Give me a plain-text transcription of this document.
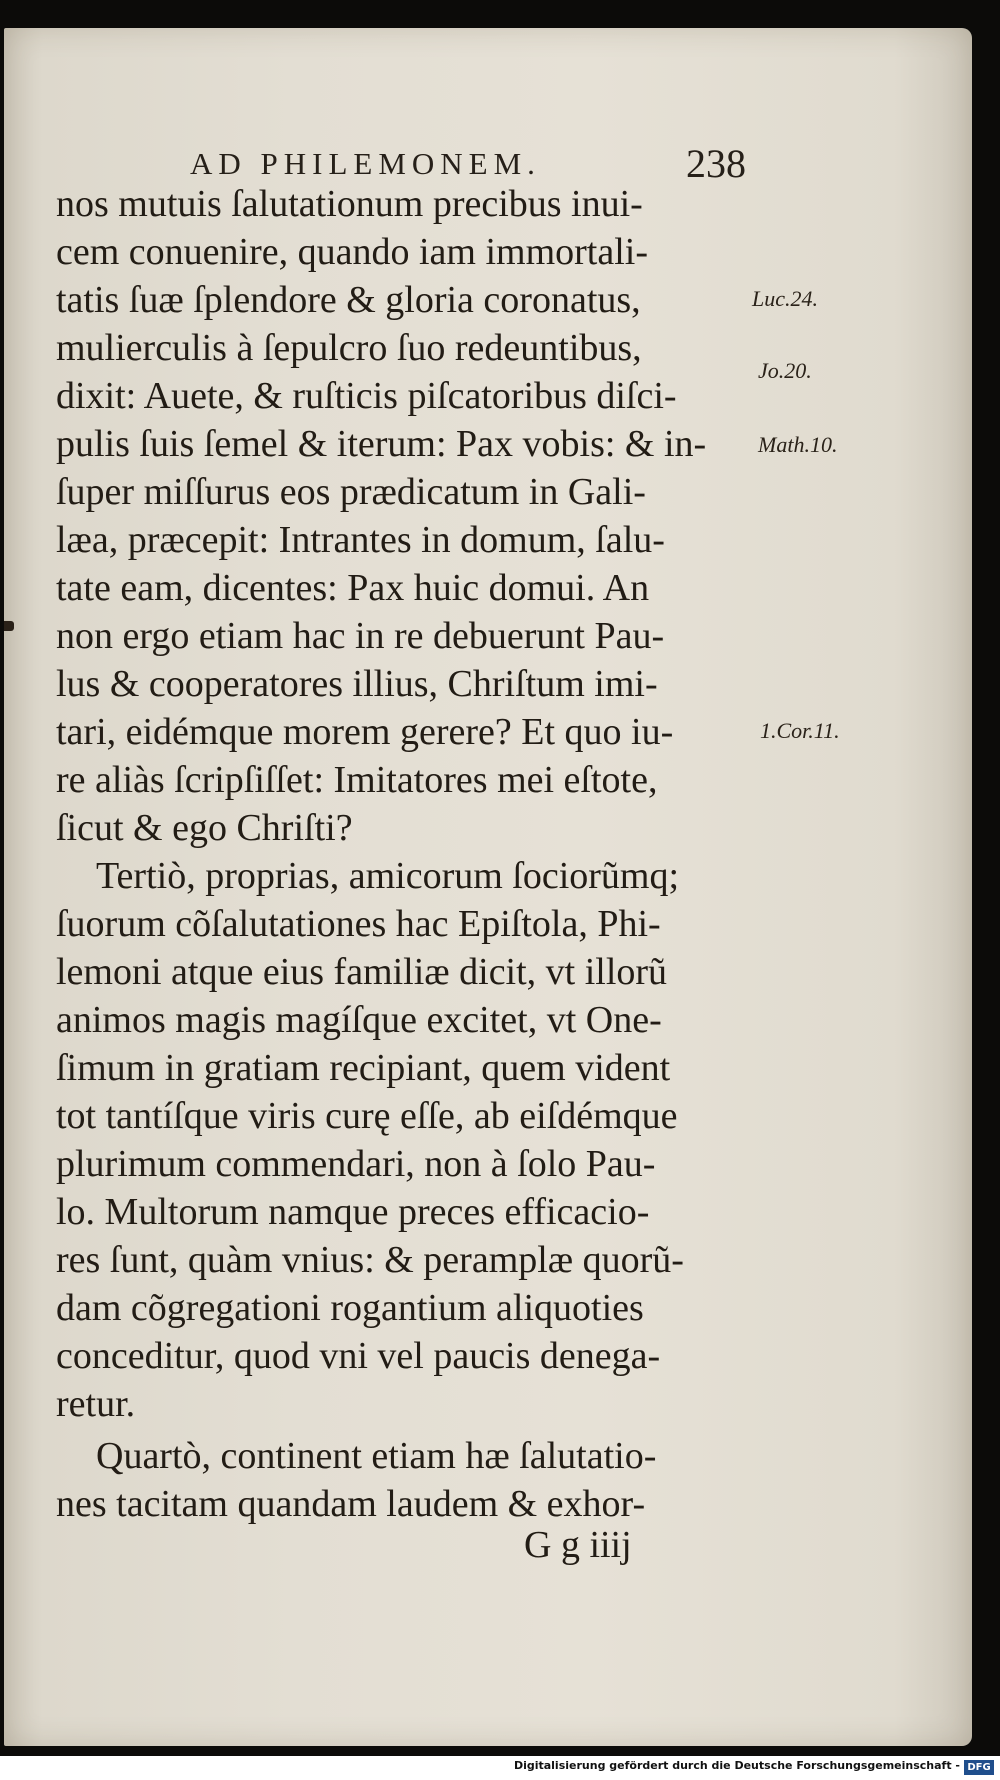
AD PHILEMONEM.	238
nos mutuis ſalutationum precibus inui-
cem conuenire, quando iam immortali-
tatis ſuæ ſplendore & gloria coronatus,
mulierculis à ſepulcro ſuo redeuntibus,
dixit: Auete, & ruſticis piſcatoribus diſci-
pulis ſuis ſemel & iterum: Pax vobis: & in-
ſuper miſſurus eos prædicatum in Gali-
læa, præcepit: Intrantes in domum, ſalu-
tate eam, dicentes: Pax huic domui. An
non ergo etiam hac in re debuerunt Pau-
lus & cooperatores illius, Chriſtum imi-
tari, eidémque morem gerere? Et quo iu-
re aliàs ſcripſiſſet: Imitatores mei eſtote,
ſicut & ego Chriſti?
Tertiò, proprias, amicorum ſociorũmq;
ſuorum cõſalutationes hac Epiſtola, Phi-
lemoni atque eius familiæ dicit, vt illorũ
animos magis magíſque excitet, vt One-
ſimum in gratiam recipiant, quem vident
tot tantíſque viris curę eſſe, ab eiſdémque
plurimum commendari, non à ſolo Pau-
lo. Multorum namque preces efficacio-
res ſunt, quàm vnius: & peramplæ quorũ-
dam cõgregationi rogantium aliquoties
conceditur, quod vni vel paucis denega-
retur.
Quartò, continent etiam hæ ſalutatio-
nes tacitam quandam laudem & exhor-
Luc.24.
Jo.20.
Math.10.
1.Cor.11.
G g iiij
Digitalisierung gefördert durch die Deutsche Forschungsgemeinschaft - DFG
